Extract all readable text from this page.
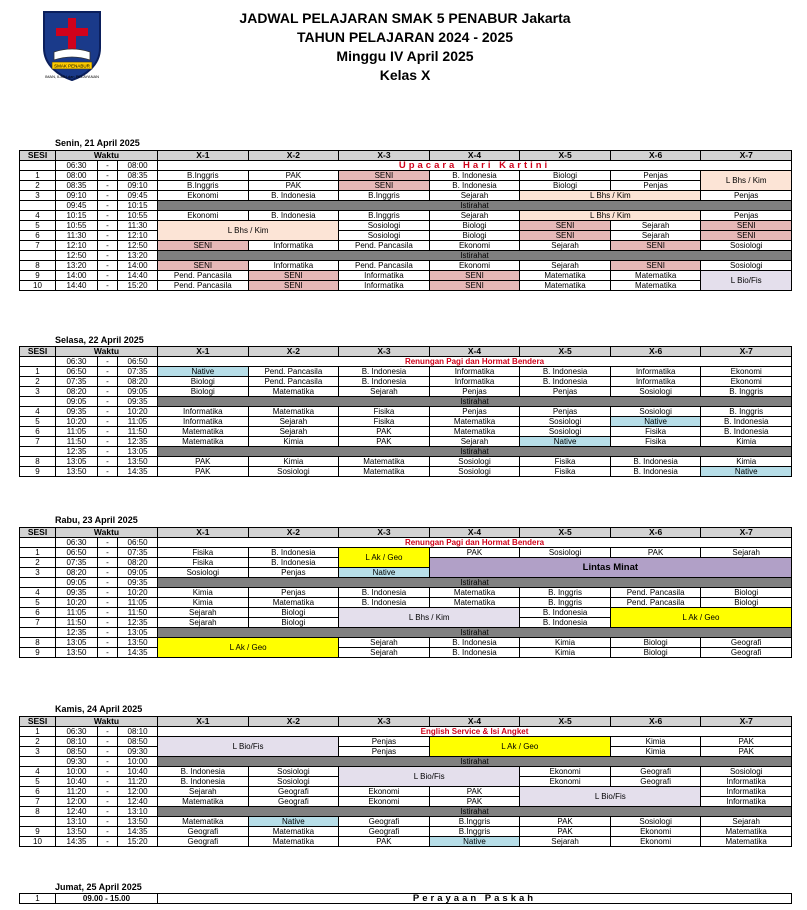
SMAK PENABUR
IMAN, ILMU dan PELAYANAN
JADWAL PELAJARAN SMAK 5 PENABUR Jakarta
TAHUN PELAJARAN 2024 - 2025
Minggu IV April 2025
Kelas X
Senin, 21 April 2025
SESI	Waktu			X-1	X-2	X-3	X-4	X-5	X-6	X-7
	06:30	-	08:00	Upacara Hari Kartini						
1	08:00	-	08:35	B.Inggris	PAK	SENI	B. Indonesia	Biologi	Penjas	L Bhs / Kim
2	08:35	-	09:10	B.Inggris	PAK	SENI	B. Indonesia	Biologi	Penjas	
3	09:10	-	09:45	Ekonomi	B. Indonesia	B.Inggris	Sejarah	L Bhs / Kim		Penjas
	09:45	-	10:15	Istirahat						
4	10:15	-	10:55	Ekonomi	B. Indonesia	B.Inggris	Sejarah	L Bhs / Kim		Penjas
5	10:55	-	11:30	L Bhs / Kim		Sosiologi	Biologi	SENI	Sejarah	SENI
6	11:30	-	12:10			Sosiologi	Biologi	SENI	Sejarah	SENI
7	12:10	-	12:50	SENI	Informatika	Pend. Pancasila	Ekonomi	Sejarah	SENI	Sosiologi
	12:50	-	13:20	Istirahat						
8	13:20	-	14:00	SENI	Informatika	Pend. Pancasila	Ekonomi	Sejarah	SENI	Sosiologi
9	14:00	-	14:40	Pend. Pancasila	SENI	Informatika	SENI	Matematika	Matematika	L Bio/Fis
10	14:40	-	15:20	Pend. Pancasila	SENI	Informatika	SENI	Matematika	Matematika	
Selasa, 22 April 2025
SESI	Waktu			X-1	X-2	X-3	X-4	X-5	X-6	X-7
	06:30	-	06:50	Renungan Pagi dan Hormat Bendera						
1	06:50	-	07:35	Native	Pend. Pancasila	B. Indonesia	Informatika	B. Indonesia	Informatika	Ekonomi
2	07:35	-	08:20	Biologi	Pend. Pancasila	B. Indonesia	Informatika	B. Indonesia	Informatika	Ekonomi
3	08:20	-	09:05	Biologi	Matematika	Sejarah	Penjas	Penjas	Sosiologi	B. Inggris
	09:05	-	09:35	Istirahat						
4	09:35	-	10:20	Informatika	Matematika	Fisika	Penjas	Penjas	Sosiologi	B. Inggris
5	10:20	-	11:05	Informatika	Sejarah	Fisika	Matematika	Sosiologi	Native	B. Indonesia
6	11:05	-	11:50	Matematika	Sejarah	PAK	Matematika	Sosiologi	Fisika	B. Indonesia
7	11:50	-	12:35	Matematika	Kimia	PAK	Sejarah	Native	Fisika	Kimia
	12:35	-	13:05	Istirahat						
8	13:05	-	13:50	PAK	Kimia	Matematika	Sosiologi	Fisika	B. Indonesia	Kimia
9	13:50	-	14:35	PAK	Sosiologi	Matematika	Sosiologi	Fisika	B. Indonesia	Native
Rabu, 23 April 2025
SESI	Waktu			X-1	X-2	X-3	X-4	X-5	X-6	X-7
	06:30	-	06:50	Renungan Pagi dan Hormat Bendera						
1	06:50	-	07:35	Fisika	B. Indonesia	L Ak / Geo	PAK	Sosiologi	PAK	Sejarah
2	07:35	-	08:20	Fisika	B. Indonesia		Lintas Minat			
3	08:20	-	09:05	Sosiologi	Penjas	Native				
	09:05	-	09:35	Istirahat						
4	09:35	-	10:20	Kimia	Penjas	B. Indonesia	Matematika	B. Inggris	Pend. Pancasila	Biologi
5	10:20	-	11:05	Kimia	Matematika	B. Indonesia	Matematika	B. Inggris	Pend. Pancasila	Biologi
6	11:05	-	11:50	Sejarah	Biologi	L Bhs / Kim		B. Indonesia	L Ak / Geo	
7	11:50	-	12:35	Sejarah	Biologi			B. Indonesia		
	12:35	-	13:05	Istirahat						
8	13:05	-	13:50	L Ak / Geo		Sejarah	B. Indonesia	Kimia	Biologi	Geografi
9	13:50	-	14:35			Sejarah	B. Indonesia	Kimia	Biologi	Geografi
Kamis, 24 April 2025
SESI	Waktu			X-1	X-2	X-3	X-4	X-5	X-6	X-7
1	06:30	-	08:10	English Service & Isi Angket						
2	08:10	-	08:50	L Bio/Fis		Penjas	L Ak / Geo		Kimia	PAK
3	08:50	-	09:30			Penjas			Kimia	PAK
	09:30	-	10:00	Istirahat						
4	10:00	-	10:40	B. Indonesia	Sosiologi	L Bio/Fis		Ekonomi	Geografi	Sosiologi
5	10:40	-	11:20	B. Indonesia	Sosiologi			Ekonomi	Geografi	Informatika
6	11:20	-	12:00	Sejarah	Geografi	Ekonomi	PAK	L Bio/Fis		Informatika
7	12:00	-	12:40	Matematika	Geografi	Ekonomi	PAK			Informatika
8	12:40	-	13:10	Istirahat						
	13:10	-	13:50	Matematika	Native	Geografi	B.Inggris	PAK	Sosiologi	Sejarah
9	13:50	-	14:35	Geografi	Matematika	Geografi	B.Inggris	PAK	Ekonomi	Matematika
10	14:35	-	15:20	Geografi	Matematika	PAK	Native	Sejarah	Ekonomi	Matematika
Jumat, 25 April 2025
1	09.00 - 15.00	Perayaan Paskah
